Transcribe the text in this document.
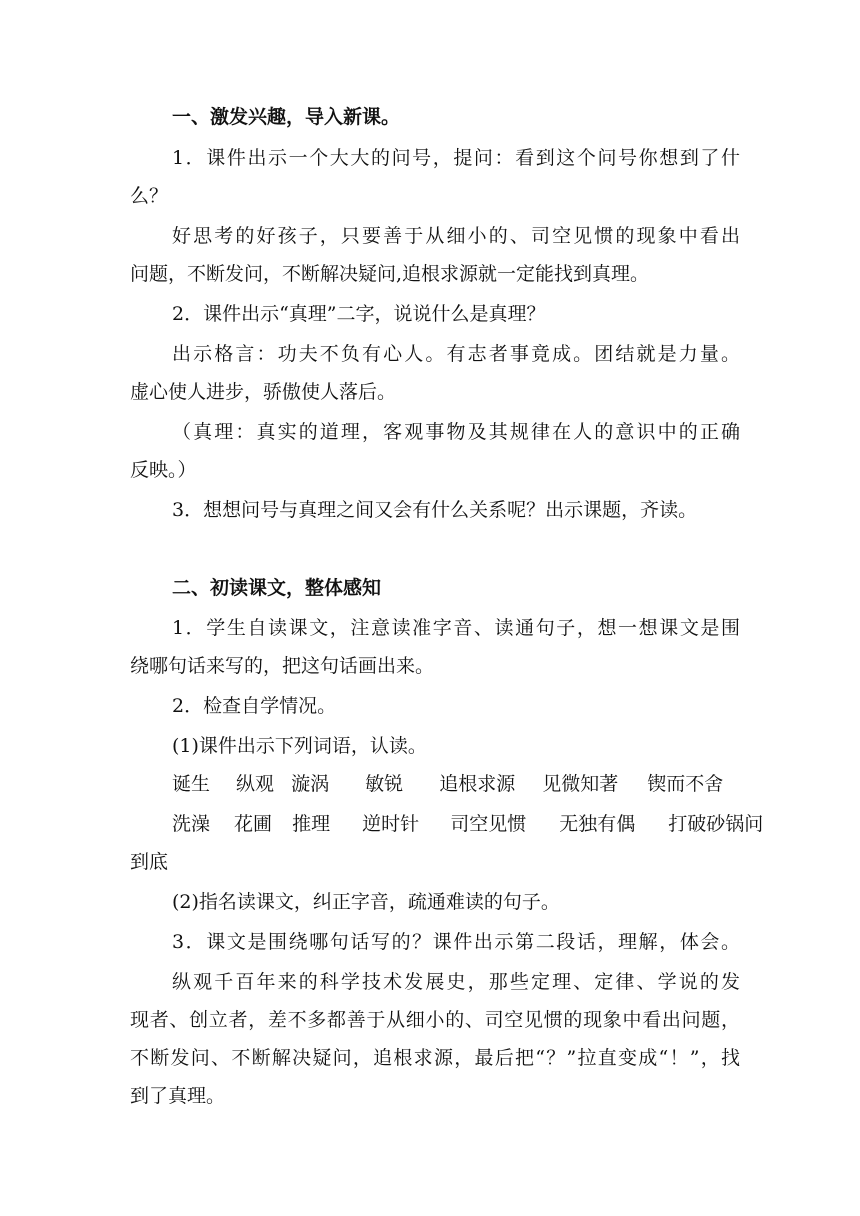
一、激发兴趣，导入新课。
1．课件出示一个大大的问号，提问：看到这个问号你想到了什
么？
好思考的好孩子，只要善于从细小的、司空见惯的现象中看出
问题，不断发问，不断解决疑问,追根求源就一定能找到真理。
2．课件出示“真理”二字，说说什么是真理？
出示格言：功夫不负有心人。有志者事竟成。团结就是力量。
虚心使人进步，骄傲使人落后。
（真理：真实的道理，客观事物及其规律在人的意识中的正确
反映。）
3．想想问号与真理之间又会有什么关系呢？出示课题，齐读。
二、初读课文，整体感知
1．学生自读课文，注意读准字音、读通句子，想一想课文是围
绕哪句话来写的，把这句话画出来。
2．检查自学情况。
(1)课件出示下列词语，认读。
诞生 纵观 漩涡 敏锐 追根求源 见微知著 锲而不舍
洗澡 花圃 推理 逆时针 司空见惯 无独有偶 打破砂锅问
到底
(2)指名读课文，纠正字音，疏通难读的句子。
3．课文是围绕哪句话写的？课件出示第二段话，理解，体会。
纵观千百年来的科学技术发展史，那些定理、定律、学说的发
现者、创立者，差不多都善于从细小的、司空见惯的现象中看出问题，
不断发问、不断解决疑问，追根求源，最后把“？”拉直变成“！”，找
到了真理。
